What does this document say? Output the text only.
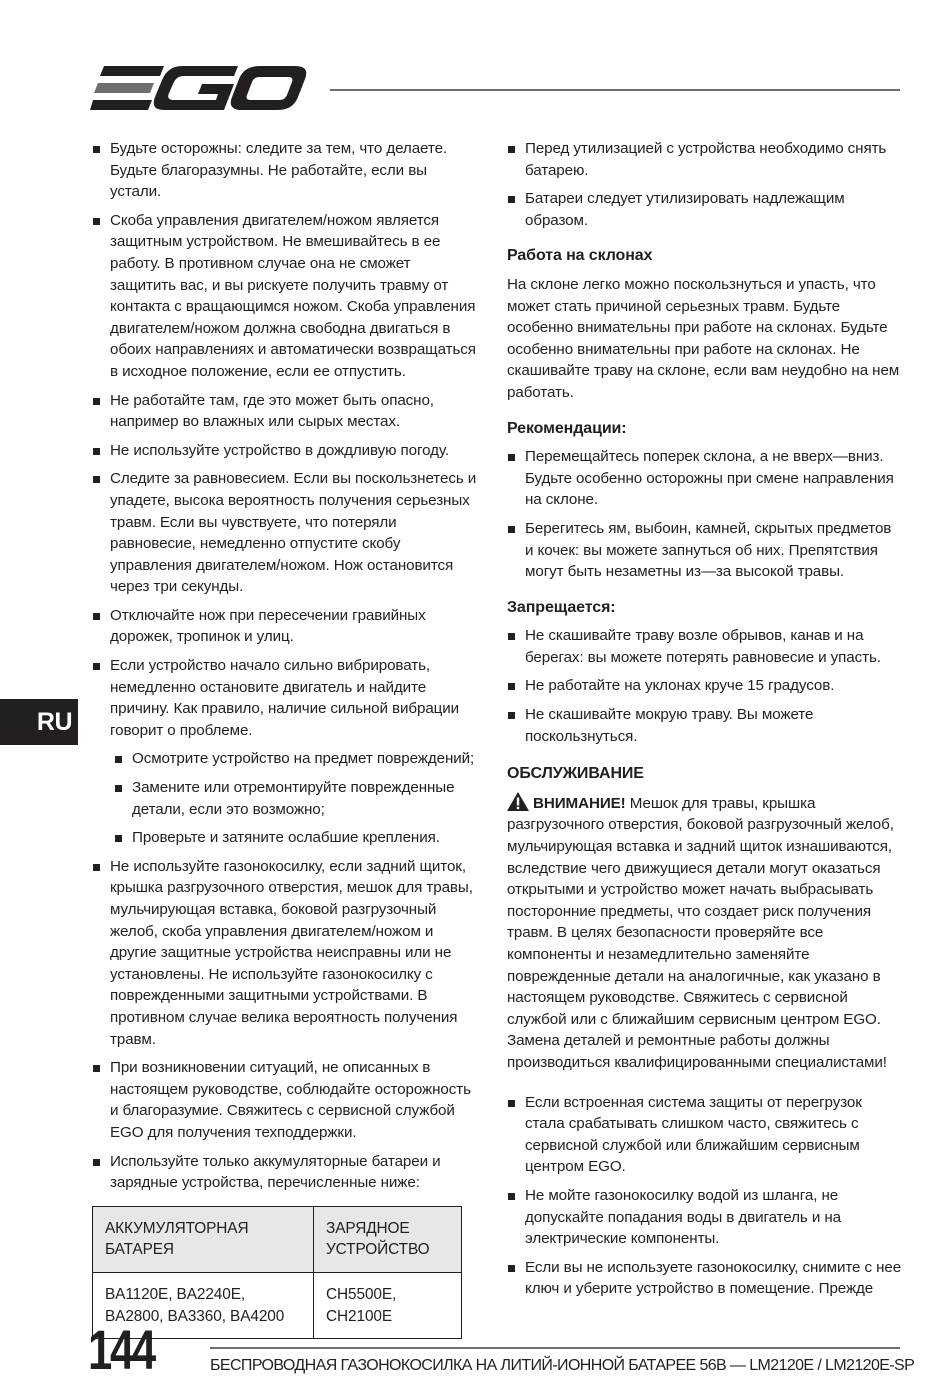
RU
Будьте осторожны: следите за тем, что делаете. Будьте благоразумны. Не работайте, если вы устали.
Скоба управления двигателем/ножом является защитным устройством. Не вмешивайтесь в ее работу. В противном случае она не сможет защитить вас, и вы рискуете получить травму от контакта с вращающимся ножом. Скоба управления двигателем/ножом должна свободна двигаться в обоих направлениях и автоматически возвращаться в исходное положение, если ее отпустить.
Не работайте там, где это может быть опасно, например во влажных или сырых местах.
Не используйте устройство в дождливую погоду.
Следите за равновесием. Если вы поскользнетесь и упадете, высока вероятность получения серьезных травм. Если вы чувствуете, что потеряли равновесие, немедленно отпустите скобу управления двигателем/ножом. Нож остановится через три секунды.
Отключайте нож при пересечении гравийных дорожек, тропинок и улиц.
Если устройство начало сильно вибрировать, немедленно остановите двигатель и найдите причину. Как правило, наличие сильной вибрации говорит о проблеме.
Осмотрите устройство на предмет повреждений;
Замените или отремонтируйте поврежденные детали, если это возможно;
Проверьте и затяните ослабшие крепления.
Не используйте газонокосилку, если задний щиток, крышка разгрузочного отверстия, мешок для травы, мульчирующая вставка, боковой разгрузочный желоб, скоба управления двигателем/ножом и другие защитные устройства неисправны или не установлены. Не используйте газонокосилку с поврежденными защитными устройствами. В противном случае велика вероятность получения травм.
При возникновении ситуаций, не описанных в настоящем руководстве, соблюдайте осторожность и благоразумие. Свяжитесь с сервисной службой EGO для получения техподдержки.
Используйте только аккумуляторные батареи и зарядные устройства, перечисленные ниже:
АККУМУЛЯТОРНАЯ БАТАРЕЯ	ЗАРЯДНОЕ УСТРОЙСТВО
BA1120E, BA2240E, BA2800, BA3360, BA4200	CH5500E, CH2100E
Перед утилизацией с устройства необходимо снять батарею.
Батареи следует утилизировать надлежащим образом.
Работа на склонах

На склоне легко можно поскользнуться и упасть, что может стать причиной серьезных травм. Будьте особенно внимательны при работе на склонах. Будьте особенно внимательны при работе на склонах. Не скашивайте траву на склоне, если вам неудобно на нем работать.

Рекомендации:
Перемещайтесь поперек склона, а не вверх—вниз. Будьте особенно осторожны при смене направления на склоне.
Берегитесь ям, выбоин, камней, скрытых предметов и кочек: вы можете запнуться об них. Препятствия могут быть незаметны из—за высокой травы.
Запрещается:
Не скашивайте траву возле обрывов, канав и на берегах: вы можете потерять равновесие и упасть.
Не работайте на уклонах круче 15 градусов.
Не скашивайте мокрую траву. Вы можете поскользнуться.
ОБСЛУЖИВАНИЕ

ВНИМАНИЕ! Мешок для травы, крышка разгрузочного отверстия, боковой разгрузочный желоб, мульчирующая вставка и задний щиток изнашиваются, вследствие чего движущиеся детали могут оказаться открытыми и устройство может начать выбрасывать посторонние предметы, что создает риск получения травм. В целях безопасности проверяйте все компоненты и незамедлительно заменяйте поврежденные детали на аналогичные, как указано в настоящем руководстве. Свяжитесь с сервисной службой или с ближайшим сервисным центром EGO. Замена деталей и ремонтные работы должны производиться квалифицированными специалистами!

Если встроенная система защиты от перегрузок стала срабатывать слишком часто, свяжитесь с сервисной службой или ближайшим сервисным центром EGO.
Не мойте газонокосилку водой из шланга, не допускайте попадания воды в двигатель и на электрические компоненты.
Если вы не используете газонокосилку, снимите с нее ключ и уберите устройство в помещение. Прежде
144	БЕСПРОВОДНАЯ ГАЗОНОКОСИЛКА НА ЛИТИЙ-ИОННОЙ БАТАРЕЕ 56В — LM2120E / LM2120E-SP
